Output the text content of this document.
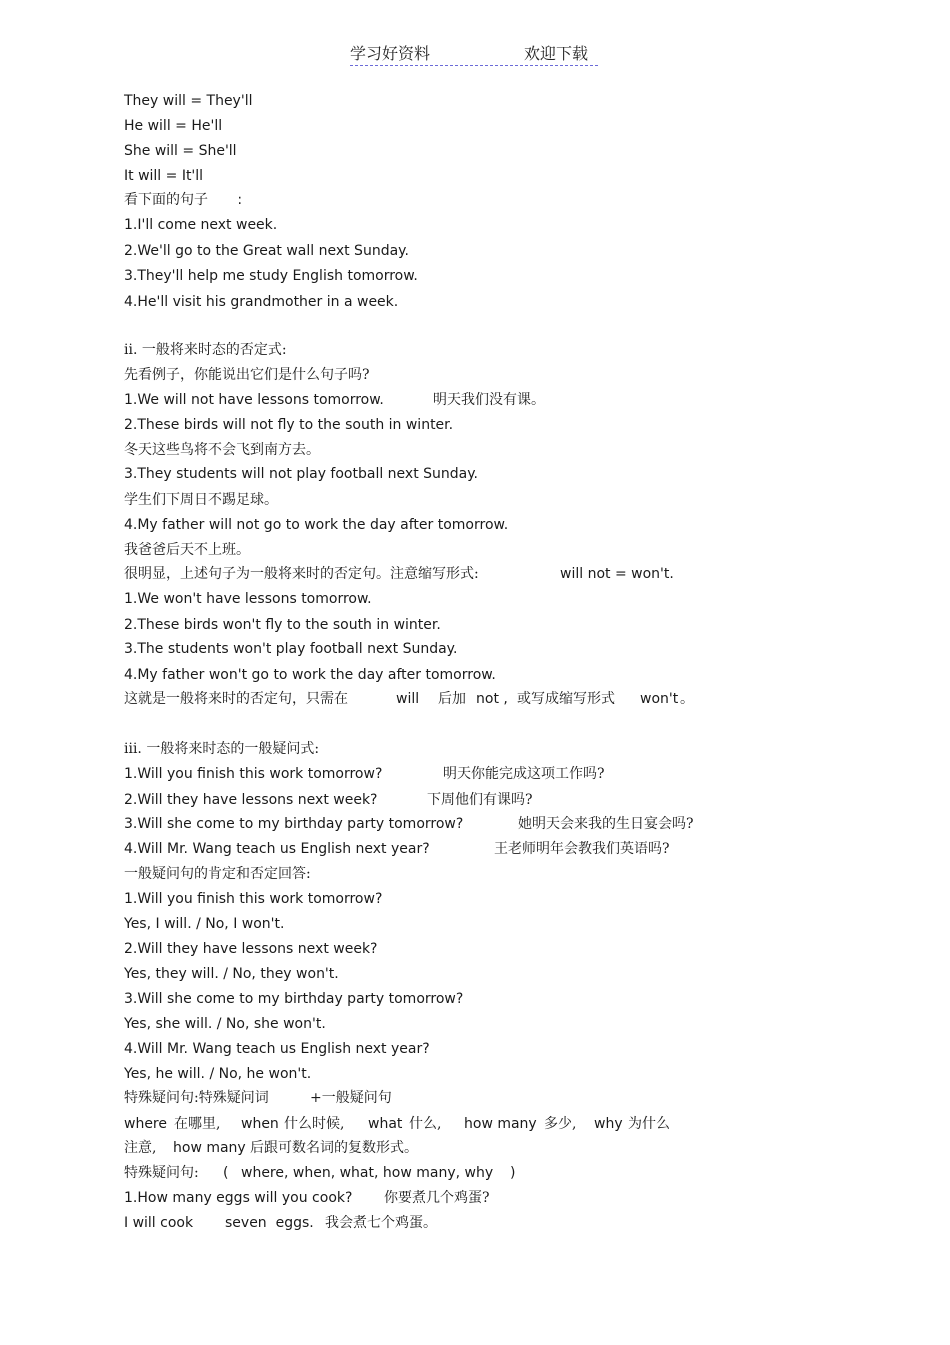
学习好资料	欢迎下载
They will = They'll
He will = He'll
She will = She'll
It will = It'll
看下面的句子 :
1.I'll come next week.
2.We'll go to the Great wall next Sunday.
3.They'll help me study English tomorrow.
4.He'll visit his grandmother in a week.
ⅱ. 一般将来时态的否定式:
先看例子，你能说出它们是什么句子吗?
1.We will not have lessons tomorrow.	明天我们没有课。
2.These birds will not fly to the south in winter.
冬天这些鸟将不会飞到南方去。
3.They students will not play football next Sunday.
学生们下周日不踢足球。
4.My father will not go to work the day after tomorrow.
我爸爸后天不上班。
很明显，上述句子为一般将来时的否定句。注意缩写形式:	will not = won't.
1.We won't have lessons tomorrow.
2.These birds won't fly to the south in winter.
3.The students won't play football next Sunday.
4.My father won't go to work the day after tomorrow.
这就是一般将来时的否定句，只需在	will 后加 not , 或写成缩写形式 won't 。
ⅲ. 一般将来时态的一般疑问式:
1.Will you finish this work tomorrow?	明天你能完成这项工作吗?
2.Will they have lessons next week?	下周他们有课吗?
3.Will she come to my birthday party tomorrow?	她明天会来我的生日宴会吗?
4.Will Mr. Wang teach us English next year?	王老师明年会教我们英语吗?
一般疑问句的肯定和否定回答:
1.Will you finish this work tomorrow?
Yes, I will. / No, I won't.
2.Will they have lessons next week?
Yes, they will. / No, they won't.
3.Will she come to my birthday party tomorrow?
Yes, she will. / No, she won't.
4.Will Mr. Wang teach us English next year?
Yes, he will. / No, he won't.
特殊疑问句:特殊疑问词	+一般疑问句
where 在哪里, when 什么时候, what 什么, how many 多少, why 为什么
注意, how many 后跟可数名词的复数形式。
特殊疑问句: ( where, when, what, how many, why )
1.How many eggs will you cook? 你要煮几个鸡蛋?
I will cook seven  eggs. 我会煮七个鸡蛋。
